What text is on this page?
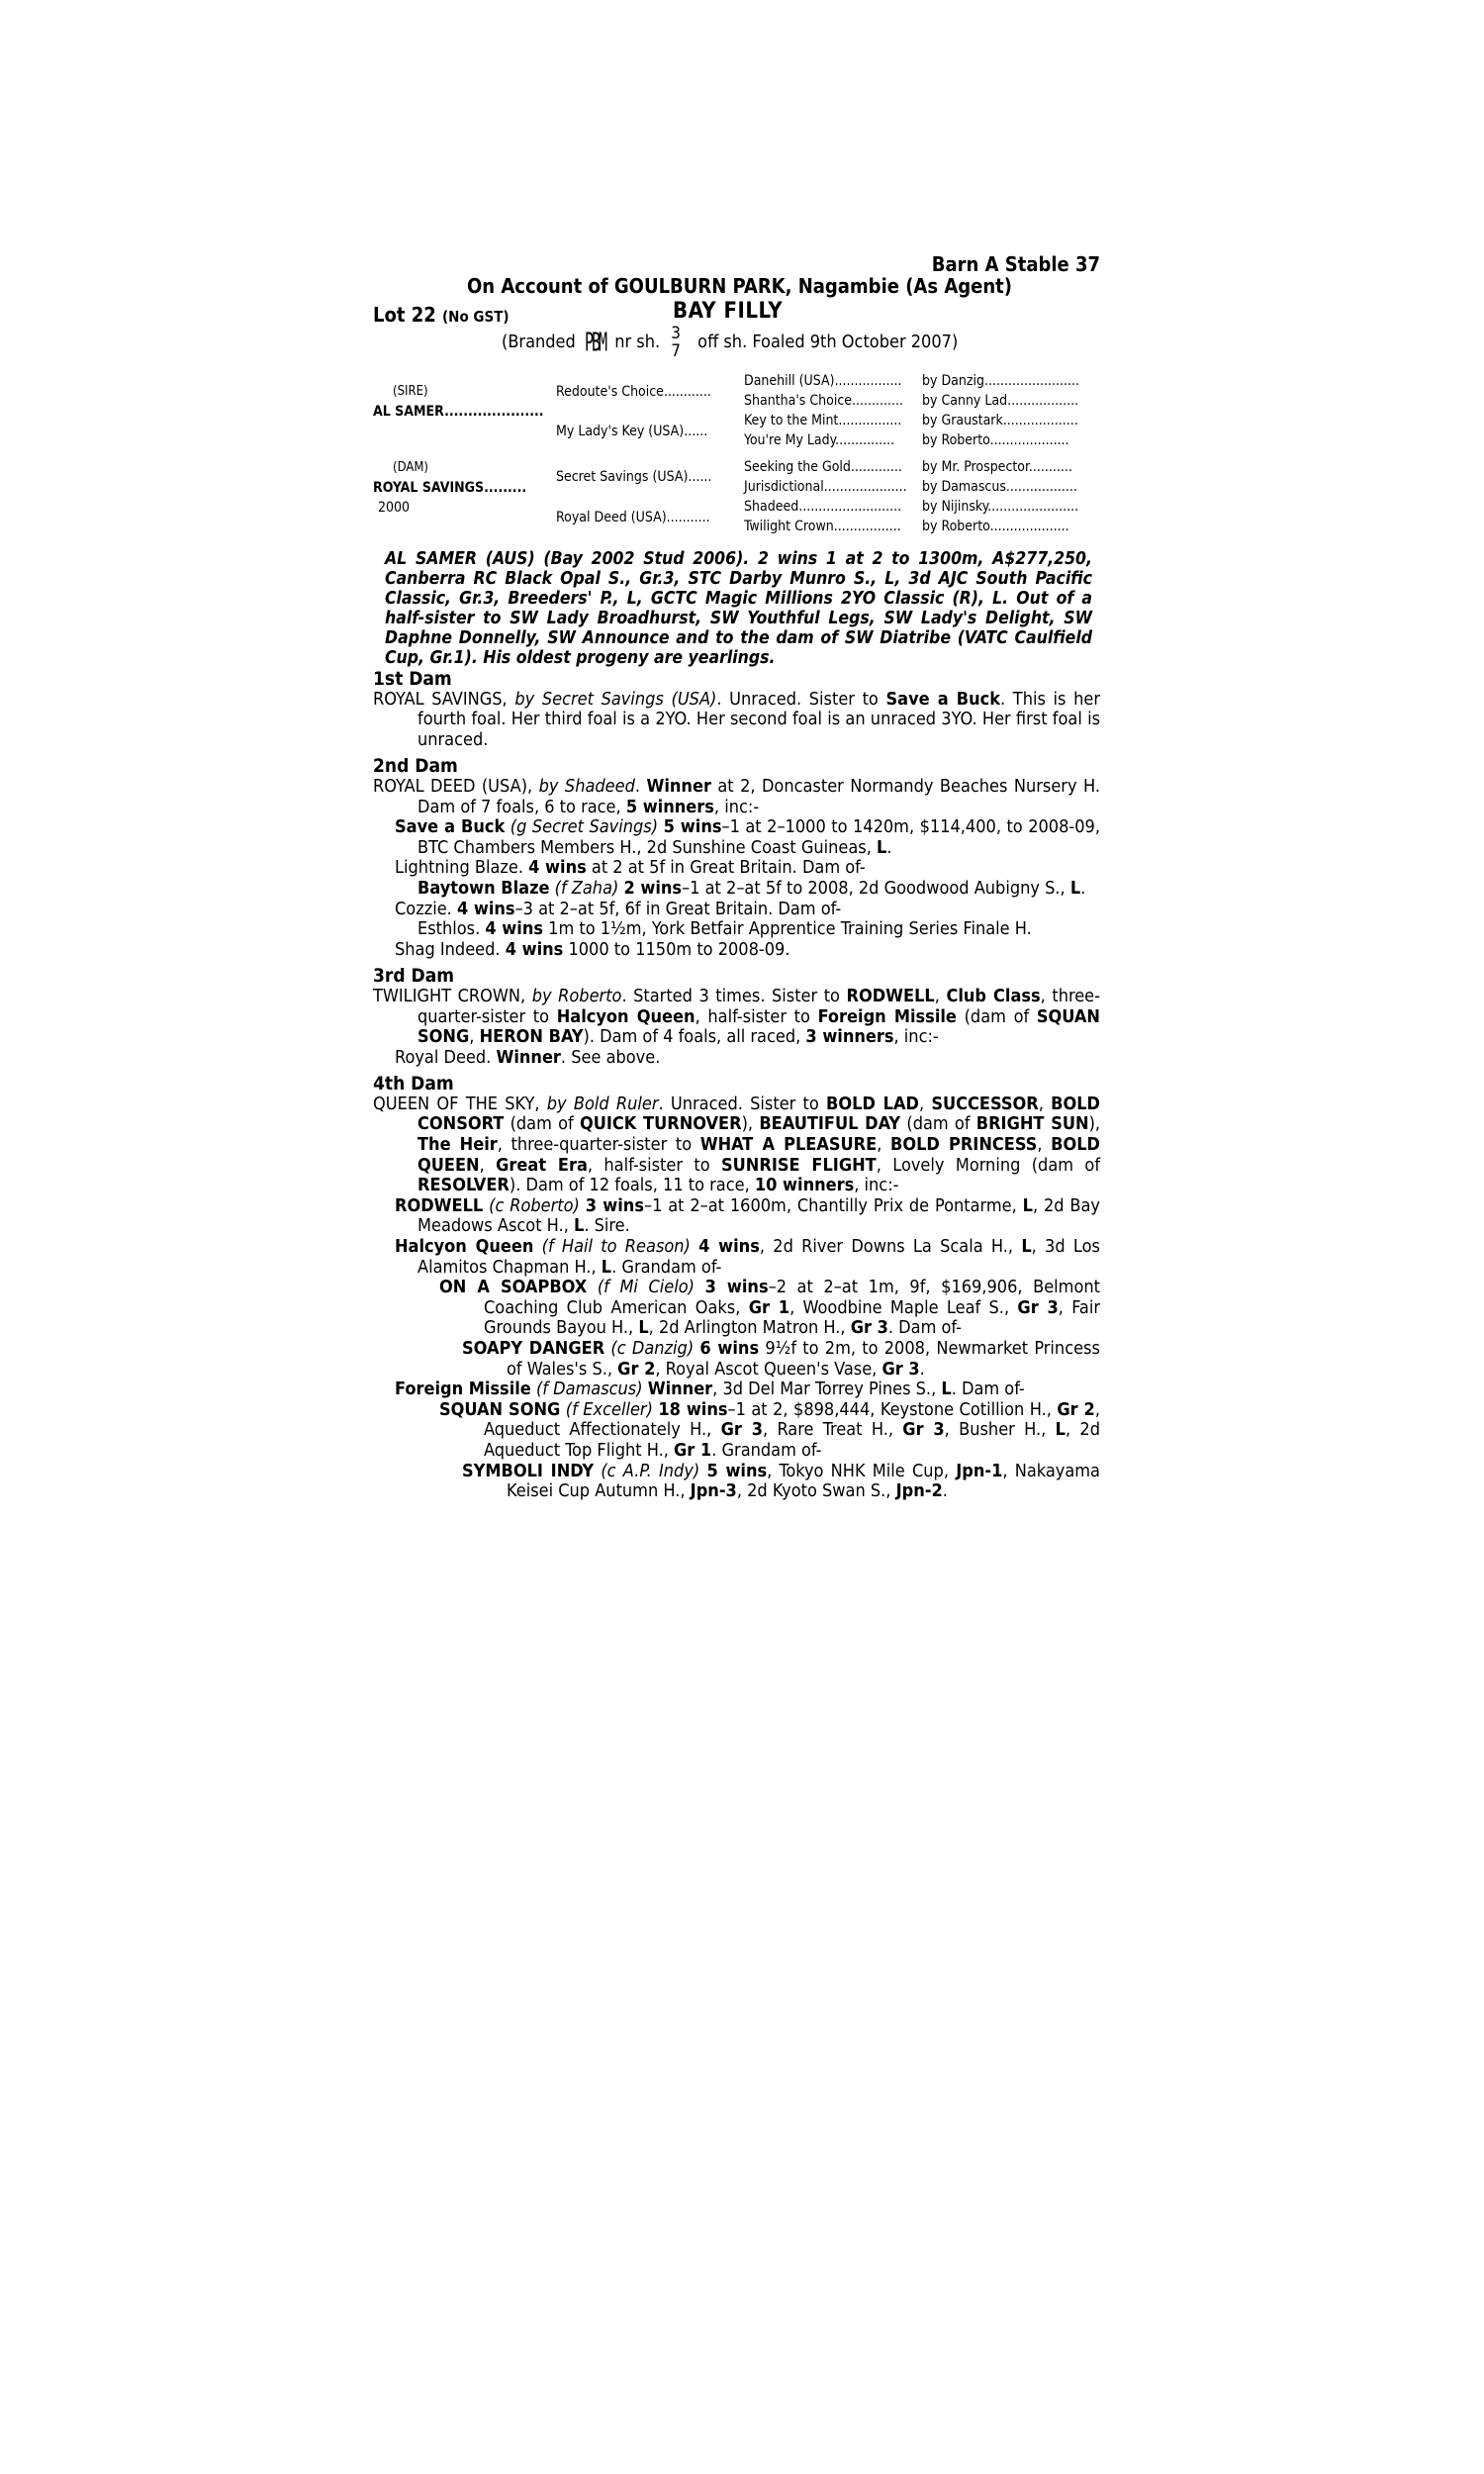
Barn A Stable 37
On Account of GOULBURN PARK, Nagambie (As Agent)
Lot 22 (No GST)	BAY FILLY
(Branded PBM nr sh. 3
7 off sh. Foaled 9th October 2007)
(SIRE)
AL SAMER.....................
(DAM)
ROYAL SAVINGS.........
2000
Redoute's Choice............
My Lady's Key (USA)......
Secret Savings (USA)......
Royal Deed (USA)...........
Danehill (USA).................
Shantha's Choice.............
Key to the Mint................
You're My Lady...............
Seeking the Gold.............
Jurisdictional.....................
Shadeed..........................
Twilight Crown.................
by Danzig........................
by Canny Lad..................
by Graustark...................
by Roberto....................
by Mr. Prospector...........
by Damascus..................
by Nijinsky.......................
by Roberto....................
AL SAMER (AUS) (Bay 2002 Stud 2006). 2 wins 1 at 2 to 1300m, A$277,250, Canberra RC Black Opal S., Gr.3, STC Darby Munro S., L, 3d AJC South Pacific Classic, Gr.3, Breeders' P., L, GCTC Magic Millions 2YO Classic (R), L. Out of a half-sister to SW Lady Broadhurst, SW Youthful Legs, SW Lady's Delight, SW Daphne Donnelly, SW Announce and to the dam of SW Diatribe (VATC Caulfield Cup, Gr.1). His oldest progeny are yearlings.
1st Dam
ROYAL SAVINGS, by Secret Savings (USA). Unraced. Sister to Save a Buck. This is her fourth foal. Her third foal is a 2YO. Her second foal is an unraced 3YO. Her first foal is unraced.
2nd Dam
ROYAL DEED (USA), by Shadeed. Winner at 2, Doncaster Normandy Beaches Nursery H. Dam of 7 foals, 6 to race, 5 winners, inc:-
Save a Buck (g Secret Savings) 5 wins–1 at 2–1000 to 1420m, $114,400, to 2008-09, BTC Chambers Members H., 2d Sunshine Coast Guineas, L.
Lightning Blaze. 4 wins at 2 at 5f in Great Britain. Dam of-
Baytown Blaze (f Zaha) 2 wins–1 at 2–at 5f to 2008, 2d Goodwood Aubigny S., L.
Cozzie. 4 wins–3 at 2–at 5f, 6f in Great Britain. Dam of-
Esthlos. 4 wins 1m to 1½m, York Betfair Apprentice Training Series Finale H.
Shag Indeed. 4 wins 1000 to 1150m to 2008-09.
3rd Dam
TWILIGHT CROWN, by Roberto. Started 3 times. Sister to RODWELL, Club Class, three-quarter-sister to Halcyon Queen, half-sister to Foreign Missile (dam of SQUAN SONG, HERON BAY). Dam of 4 foals, all raced, 3 winners, inc:-
Royal Deed. Winner. See above.
4th Dam
QUEEN OF THE SKY, by Bold Ruler. Unraced. Sister to BOLD LAD, SUCCESSOR, BOLD CONSORT (dam of QUICK TURNOVER), BEAUTIFUL DAY (dam of BRIGHT SUN), The Heir, three-quarter-sister to WHAT A PLEASURE, BOLD PRINCESS, BOLD QUEEN, Great Era, half-sister to SUNRISE FLIGHT, Lovely Morning (dam of RESOLVER). Dam of 12 foals, 11 to race, 10 winners, inc:-
RODWELL (c Roberto) 3 wins–1 at 2–at 1600m, Chantilly Prix de Pontarme, L, 2d Bay Meadows Ascot H., L. Sire.
Halcyon Queen (f Hail to Reason) 4 wins, 2d River Downs La Scala H., L, 3d Los Alamitos Chapman H., L. Grandam of-
ON A SOAPBOX (f Mi Cielo) 3 wins–2 at 2–at 1m, 9f, $169,906, Belmont Coaching Club American Oaks, Gr 1, Woodbine Maple Leaf S., Gr 3, Fair Grounds Bayou H., L, 2d Arlington Matron H., Gr 3. Dam of-
SOAPY DANGER (c Danzig) 6 wins 9½f to 2m, to 2008, Newmarket Princess of Wales's S., Gr 2, Royal Ascot Queen's Vase, Gr 3.
Foreign Missile (f Damascus) Winner, 3d Del Mar Torrey Pines S., L. Dam of-
SQUAN SONG (f Exceller) 18 wins–1 at 2, $898,444, Keystone Cotillion H., Gr 2, Aqueduct Affectionately H., Gr 3, Rare Treat H., Gr 3, Busher H., L, 2d Aqueduct Top Flight H., Gr 1. Grandam of-
SYMBOLI INDY (c A.P. Indy) 5 wins, Tokyo NHK Mile Cup, Jpn-1, Nakayama Keisei Cup Autumn H., Jpn-3, 2d Kyoto Swan S., Jpn-2.
